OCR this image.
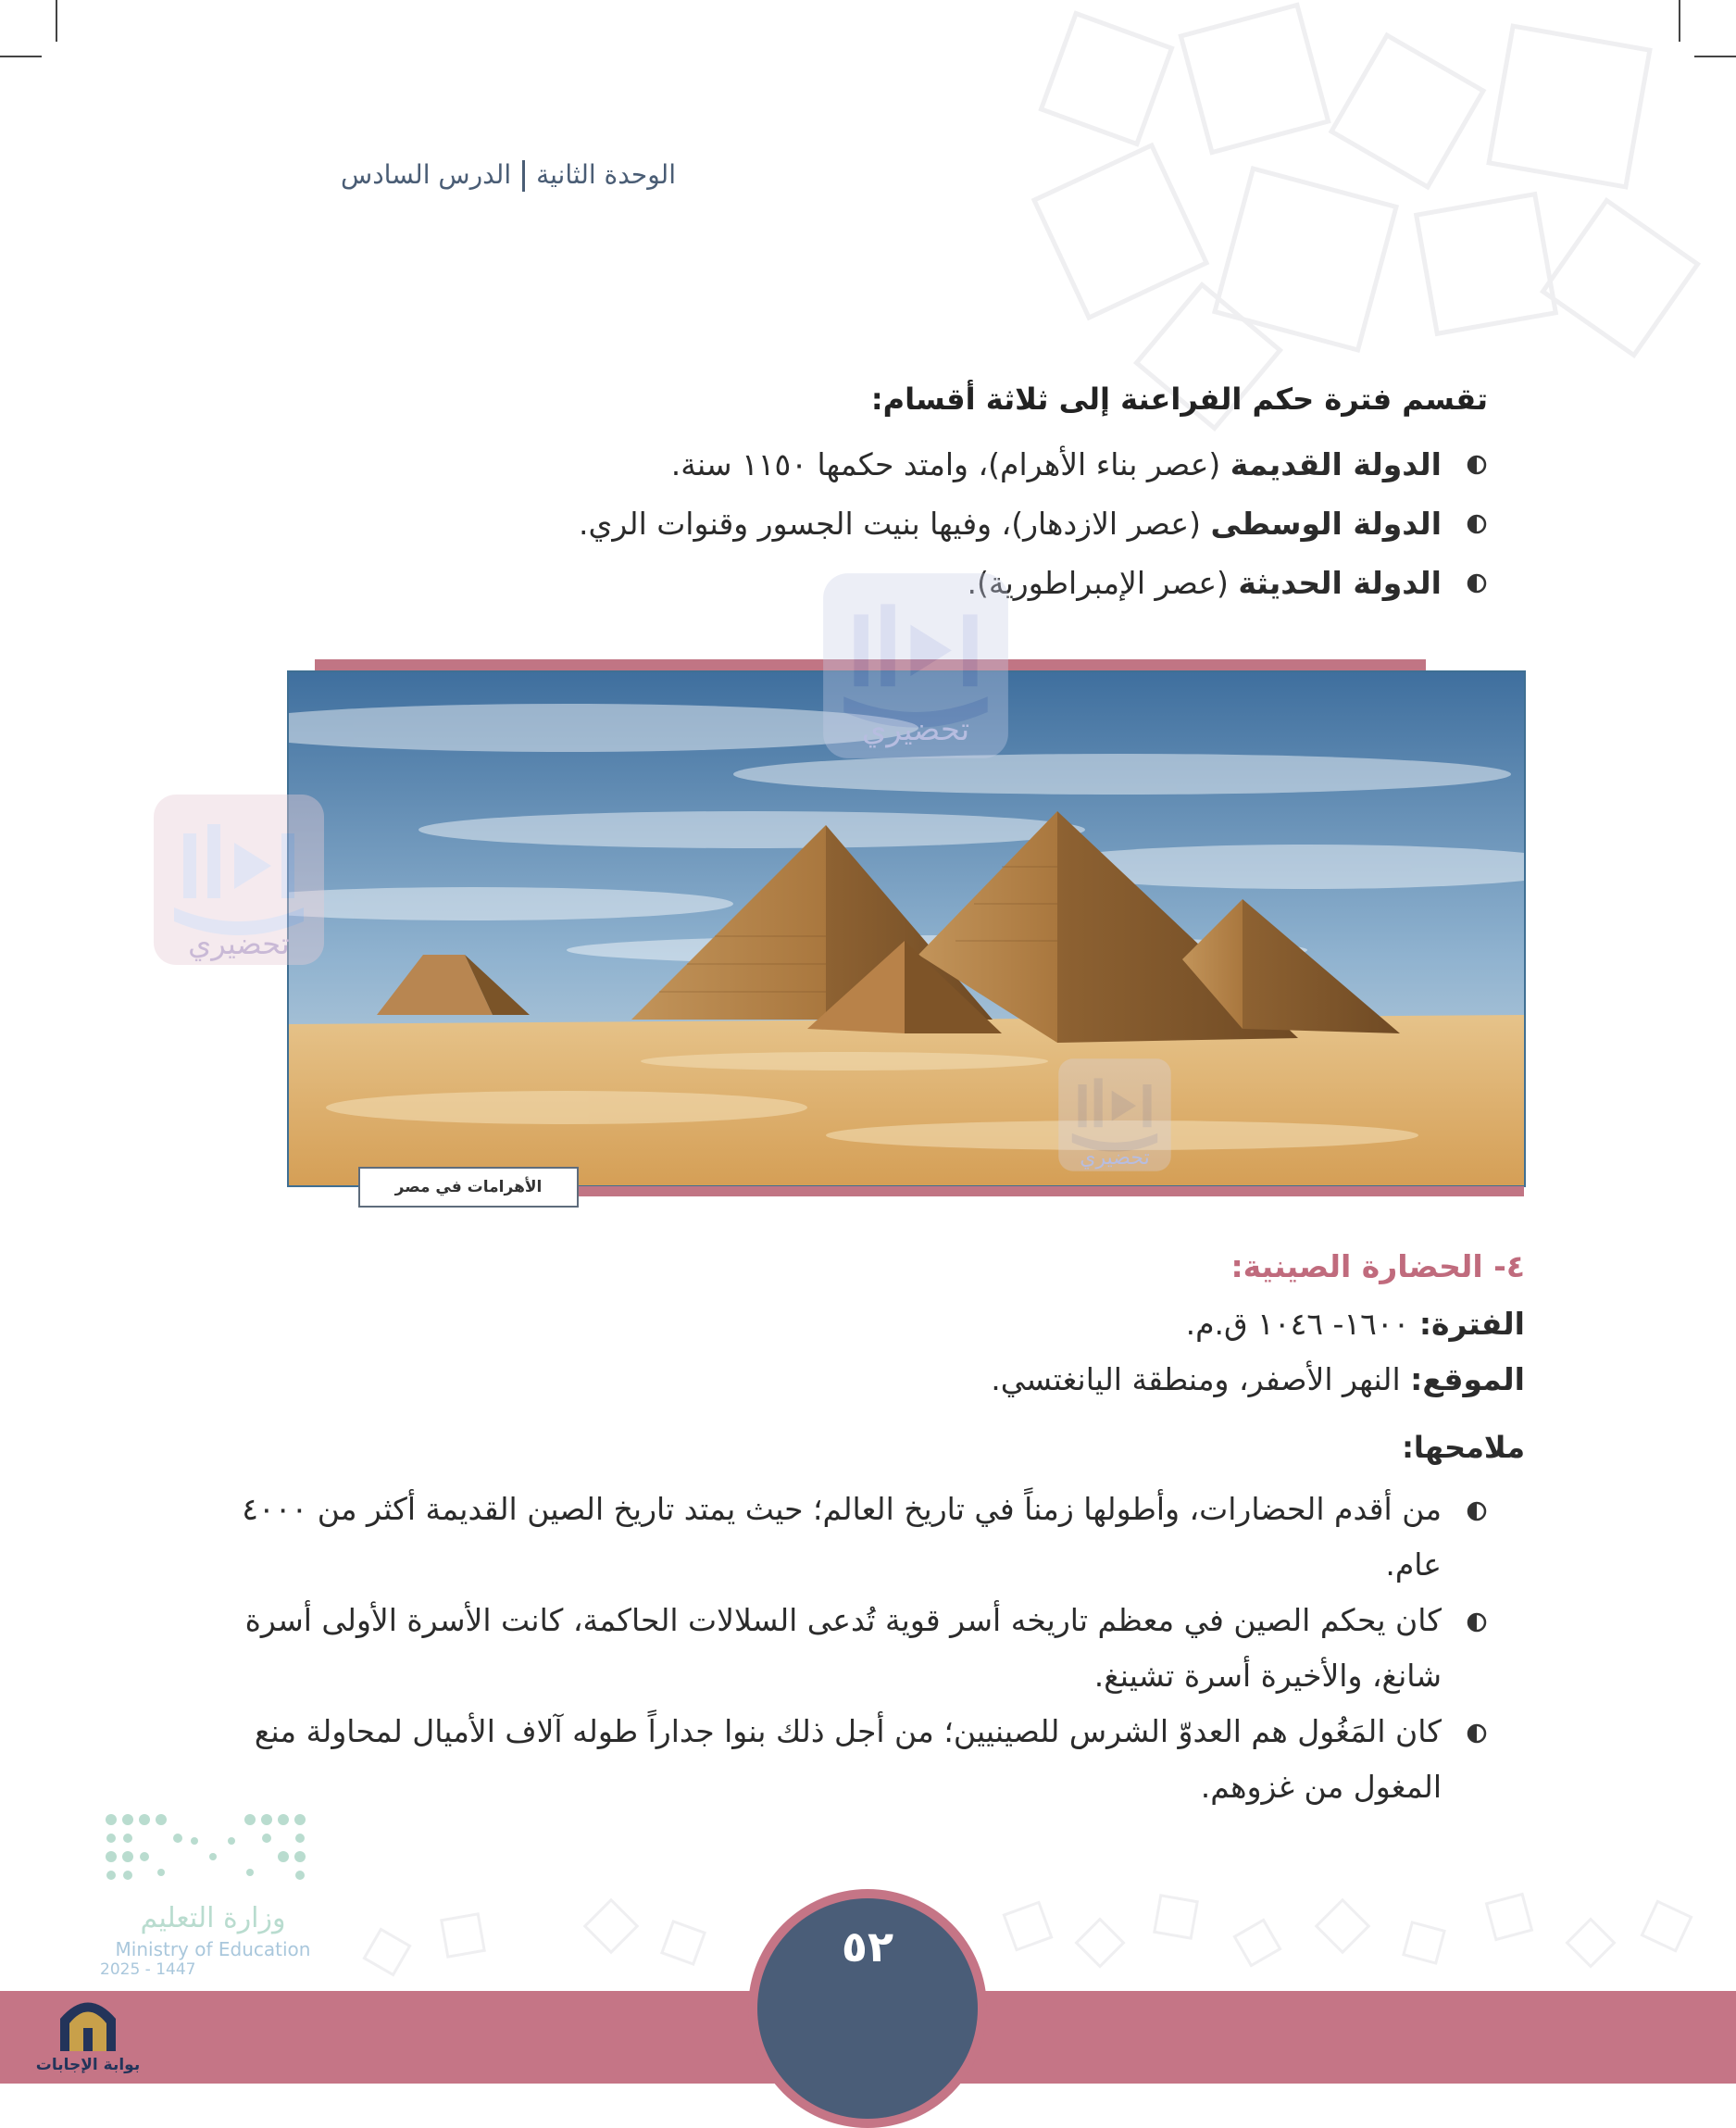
الوحدة الثانيةالدرس السادس
تقسم فترة حكم الفراعنة إلى ثلاثة أقسام:
الدولة القديمة (عصر بناء الأهرام)، وامتد حكمها ١١٥٠ سنة.
الدولة الوسطى (عصر الازدهار)، وفيها بنيت الجسور وقنوات الري.
الدولة الحديثة (عصر الإمبراطورية).
الأهرامات في مصر
تحضيري
تحضيري
تحضيري
٤- الحضارة الصينية:
الفترة: ١٦٠٠- ١٠٤٦ ق.م.
الموقع: النهر الأصفر، ومنطقة اليانغتسي.
ملامحها:
من أقدم الحضارات، وأطولها زمناً في تاريخ العالم؛ حيث يمتد تاريخ الصين القديمة أكثر من ٤٠٠٠ عام.
كان يحكم الصين في معظم تاريخه أسر قوية تُدعى السلالات الحاكمة، كانت الأسرة الأولى أسرة شانغ، والأخيرة أسرة تشينغ.
كان المَغُول هم العدوّ الشرس للصينيين؛ من أجل ذلك بنوا جداراً طوله آلاف الأميال لمحاولة منع المغول من غزوهم.
وزارة التعليم
Ministry of Education
2025 - 1447	٥٢
بوابة الإجابات
